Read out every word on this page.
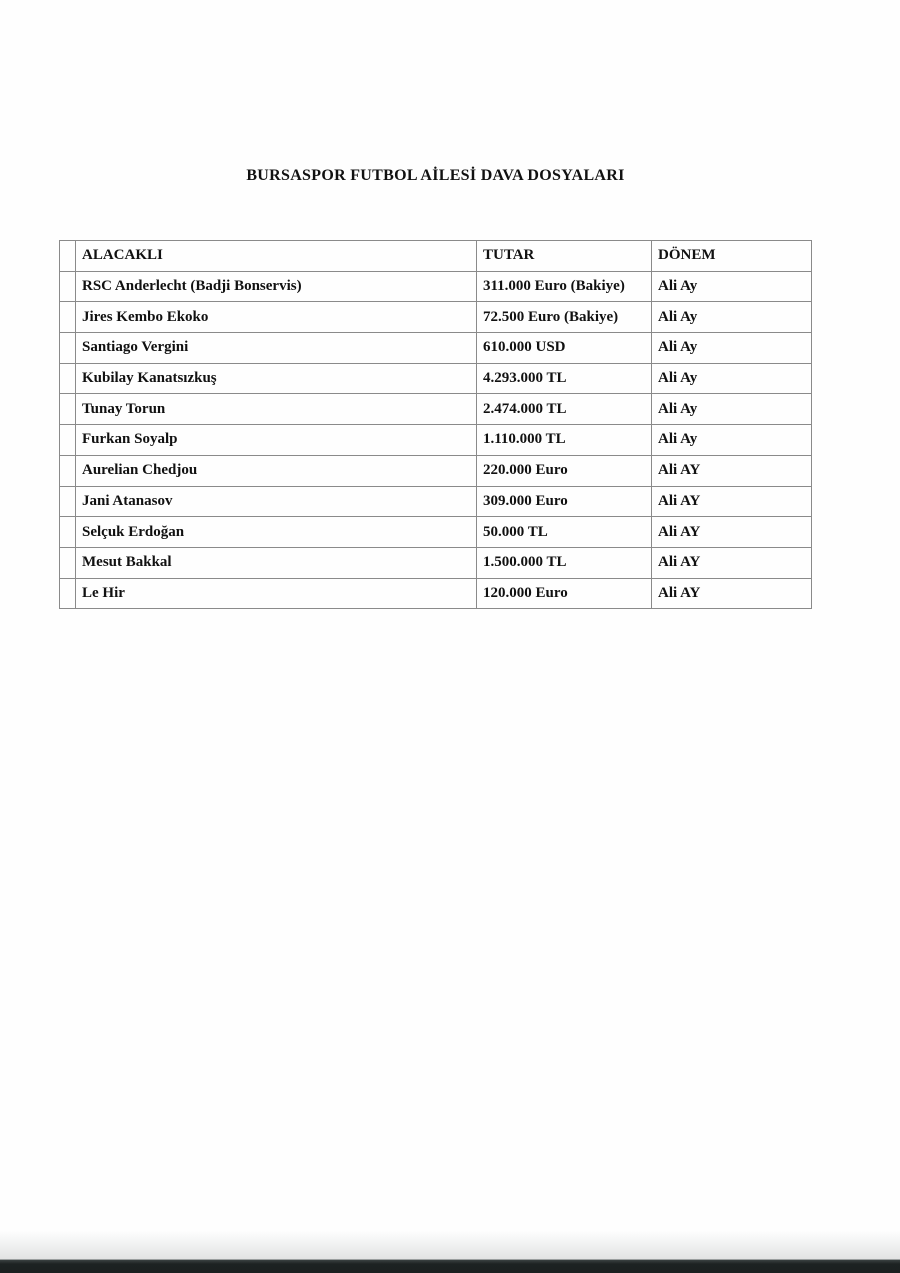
BURSASPOR FUTBOL AİLESİ DAVA DOSYALARI
	ALACAKLI	TUTAR	DÖNEM
	RSC Anderlecht (Badji Bonservis)	311.000 Euro (Bakiye)	Ali Ay
	Jires Kembo Ekoko	72.500 Euro (Bakiye)	Ali Ay
	Santiago Vergini	610.000 USD	Ali Ay
	Kubilay Kanatsızkuş	4.293.000 TL	Ali Ay
	Tunay Torun	2.474.000 TL	Ali Ay
	Furkan Soyalp	1.110.000 TL	Ali Ay
	Aurelian Chedjou	220.000 Euro	Ali AY
	Jani Atanasov	309.000 Euro	Ali AY
	Selçuk Erdoğan	50.000 TL	Ali AY
	Mesut Bakkal	1.500.000 TL	Ali AY
	Le Hir	120.000 Euro	Ali AY
